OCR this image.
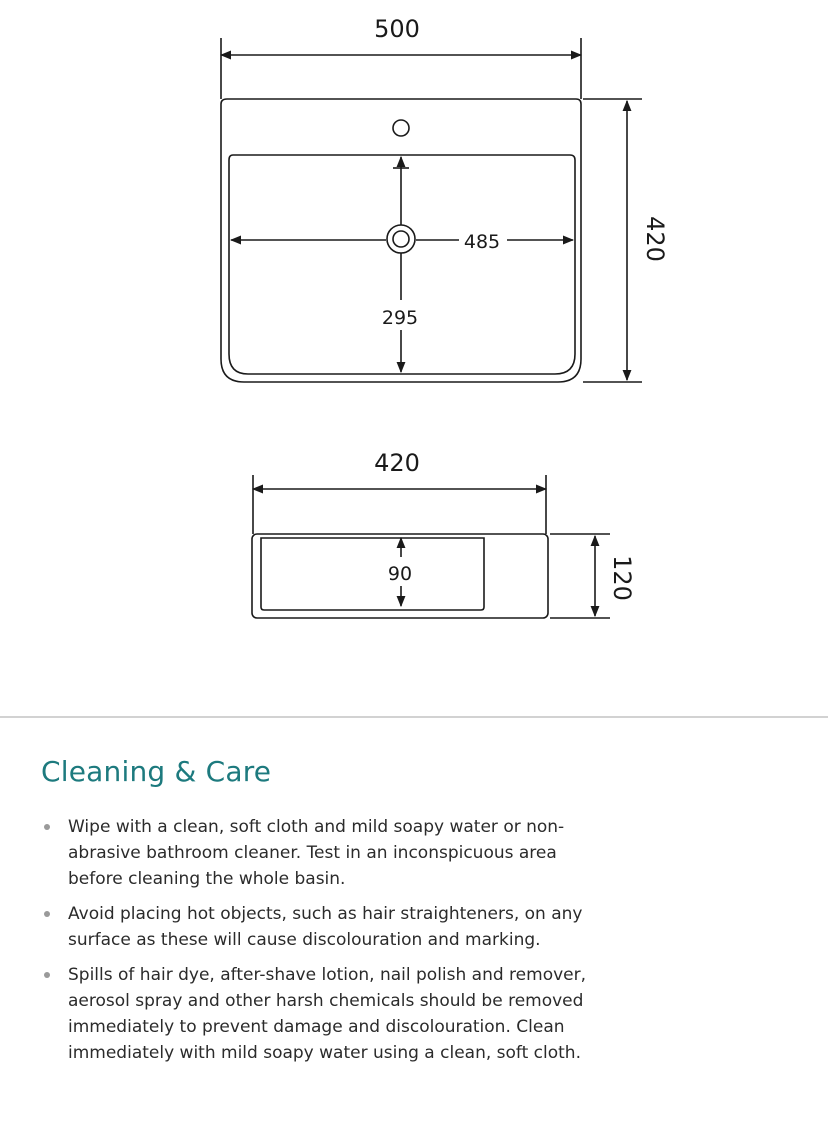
500
420
485
295
420
120
90
Cleaning & Care
Wipe with a clean, soft cloth and mild soapy water or non-
abrasive bathroom cleaner. Test in an inconspicuous area
before cleaning the whole basin.
Avoid placing hot objects, such as hair straighteners, on any
surface as these will cause discolouration and marking.
Spills of hair dye, after-shave lotion, nail polish and remover,
aerosol spray and other harsh chemicals should be removed
immediately to prevent damage and discolouration. Clean
immediately with mild soapy water using a clean, soft cloth.
